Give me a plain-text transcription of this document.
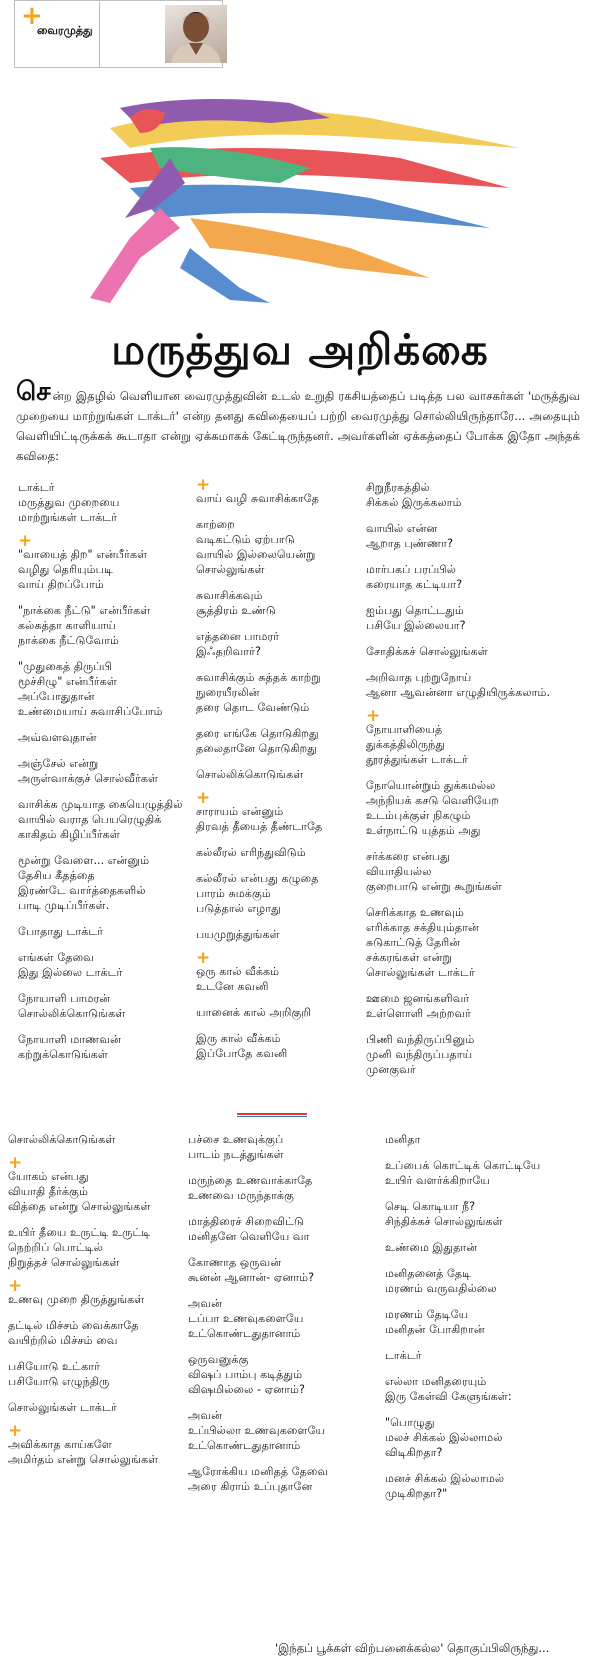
+
வைரமுத்து
மருத்துவ அறிக்கை
சென்ற இதழில் வெளியான வைரமுத்துவின் உடல் உறுதி ரகசியத்தைப் படித்த பல வாசகர்கள் 'மருத்துவ முறையை மாற்றுங்கள் டாக்டர்' என்ற தனது கவிதையைப் பற்றி வைரமுத்து சொல்லியிருந்தாரே... அதையும் வெளியிட்டிருக்கக் கூடாதா என்று ஏக்கமாகக் கேட்டிருந்தனர். அவர்களின் ஏக்கத்தைப் போக்க இதோ அந்தக் கவிதை:
டாக்டர்
மருத்துவ முறையை
மாற்றுங்கள் டாக்டர்
+
"வாயைத் திற" என்பீர்கள்
வழிது தெரியும்படி
வாய் திறப்போம்
"நாக்கை நீட்டு" என்பீர்கள்
கல்கத்தா காளியாய்
நாக்கை நீட்டுவோம்
"முதுகைத் திருப்பி
மூச்சிழு" என்பீர்கள்
அப்போதுதான்
உண்மையாய் சுவாசிப்போம்
அவ்வளவுதான்
அஞ்சேல் என்று
அருள்வாக்குச் சொல்வீர்கள்
வாசிக்க முடியாத கையெழுத்தில்
வாயில் வராத பெயரெழுதிக்
காகிதம் கிழிப்பீர்கள்
மூன்று வேளை... என்னும்
தேசிய கீதத்தை
இரண்டே வார்த்தைகளில்
பாடி முடிப்பீர்கள்.
போதாது டாக்டர்
எங்கள் தேவை
இது இல்லை டாக்டர்
நோயாளி பாமரன்
சொல்லிக்கொடுங்கள்
நோயாளி மாணவன்
கற்றுக்கொடுங்கள்
+
வாய் வழி சுவாசிக்காதே
காற்றை
வடிகட்டும் ஏற்பாடு
வாயில் இல்லையென்று
சொல்லுங்கள்
சுவாசிக்கவும்
சூத்திரம் உண்டு
எத்தனை பாமரர்
இஃதறிவார்?
சுவாசிக்கும் சுத்தக் காற்று
நுரையீரலின்
தரை தொட வேண்டும்
தரை எங்கே தொடுகிறது
தலைதானே தொடுகிறது
சொல்லிக்கொடுங்கள்
+
சாராயம் என்னும்
திரவத் தீயைத் தீண்டாதே
கல்லீரல் எரிந்துவிடும்
கல்லீரல் என்பது கழுதை
பாரம் சுமக்கும்
படுத்தால் எழாது
பயமுறுத்துங்கள்
+
ஒரு கால் வீக்கம்
உடனே கவனி
யானைக் கால் அறிகுறி
இரு கால் வீக்கம்
இப்போதே கவனி
சிறுநீரகத்தில்
சிக்கல் இருக்கலாம்
வாயில் என்ன
ஆறாத புண்ணா?
மார்பகப் பரப்பில்
கரையாத கட்டியா?
ஐம்பது தொட்டதும்
பசியே இல்லையா?
சோதிக்கச் சொல்லுங்கள்
அறிவாத புற்றுநோய்
ஆனா ஆவன்னா எழுதியிருக்கலாம்.
+
நோயாளியைத்
துக்கத்திலிருந்து
தூரத்துங்கள் டாக்டர்
நோயொன்றும் துக்கமல்ல
அந்நியக் கசடு வெளியேற
உடம்புக்குள் நிகழும்
உள்நாட்டு யுத்தம் அது
சர்க்கரை என்பது
வியாதியல்ல
குறைபாடு என்று கூறுங்கள்
செரிக்காத உணவும்
எரிக்காத சக்தியும்தான்
சுடுகாட்டுத் தேரின்
சக்கரங்கள் என்று
சொல்லுங்கள் டாக்டர்
ஊமை ஜனங்களிவர்
உள்ளொளி அற்றவர்
பிணி வந்திருப்பினும்
முனி வந்திருப்பதாய்
முனகுவர்
சொல்லிக்கொடுங்கள்
+
யோகம் என்பது
வியாதி தீர்க்கும்
வித்தை என்று சொல்லுங்கள்
உயிர் தீயை உருட்டி உருட்டி
நெற்றிப் பொட்டில்
நிறுத்தச் சொல்லுங்கள்
+
உணவு முறை திருத்துங்கள்
தட்டில் மிச்சம் வைக்காதே
வயிற்றில் மிச்சம் வை
பசியோடு உட்கார்
பசியோடு எழுந்திரு
சொல்லுங்கள் டாக்டர்
+
அவிக்காத காய்களே
அமிர்தம் என்று சொல்லுங்கள்
பச்சை உணவுக்குப்
பாடம் நடத்துங்கள்
மருந்தை உணவாக்காதே
உணவை மருந்தாக்கு
மாத்திரைச் சிறைவிட்டு
மனிதனே வெளியே வா
கோணாத ஒருவன்
கூனன் ஆனான்- ஏனாம்?
அவன்
டப்பா உணவுகளையே
உட்கொண்டதுதானாம்
ஒருவனுக்கு
விஷப் பாம்பு கடித்தும்
விஷமில்லை - ஏனாம்?
அவன்
உப்பில்லா உணவுகளையே
உட்கொண்டதுதானாம்
ஆரோக்கிய மனிதத் தேவை
அரை கிராம் உப்புதானே
மனிதா
உப்பைக் கொட்டிக் கொட்டியே
உயிர் வளர்க்கிறாயே
செடி கொடியா நீ?
சிந்திக்கச் சொல்லுங்கள்
உண்மை இதுதான்
மனிதனைத் தேடி
மரணம் வருவதில்லை
மரணம் தேடியே
மனிதன் போகிறான்
டாக்டர்
எல்லா மனிதரையும்
இரு கேள்வி கேளுங்கள்:
"பொழுது
மலச் சிக்கல் இல்லாமல்
விடிகிறதா?
மனச் சிக்கல் இல்லாமல்
முடிகிறதா?"
'இந்தப் பூக்கள் விற்பனைக்கல்ல' தொகுப்பிலிருந்து...
